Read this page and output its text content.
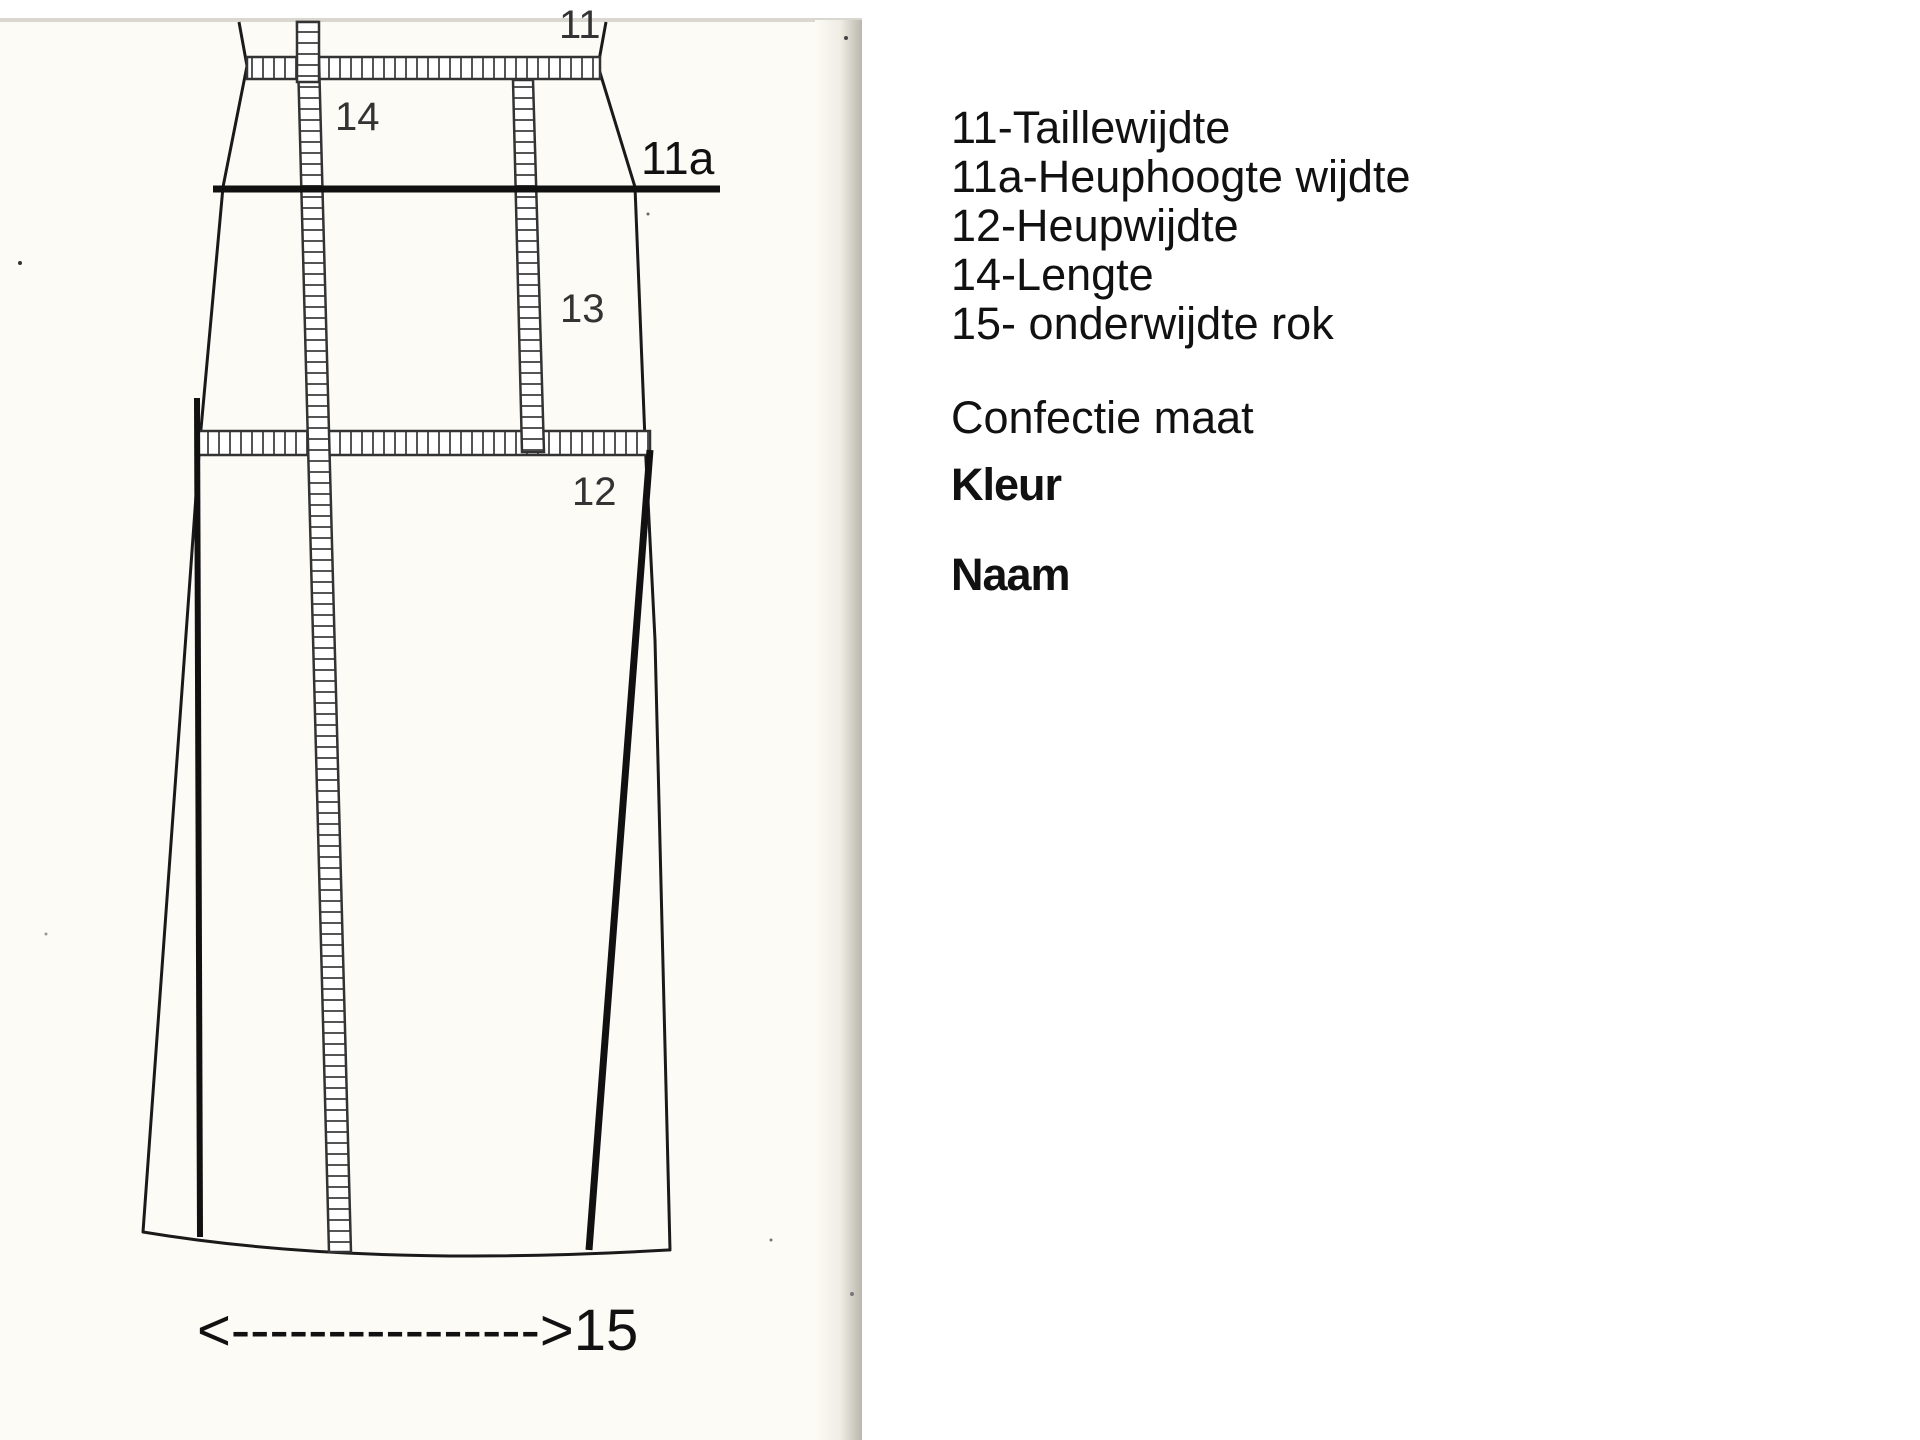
11
14
11a
13
12
<---------------->15
11-Taillewijdte
11a-Heuphoogte wijdte
12-Heupwijdte
14-Lengte
15- onderwijdte rok
Confectie maat
Kleur
Naam
